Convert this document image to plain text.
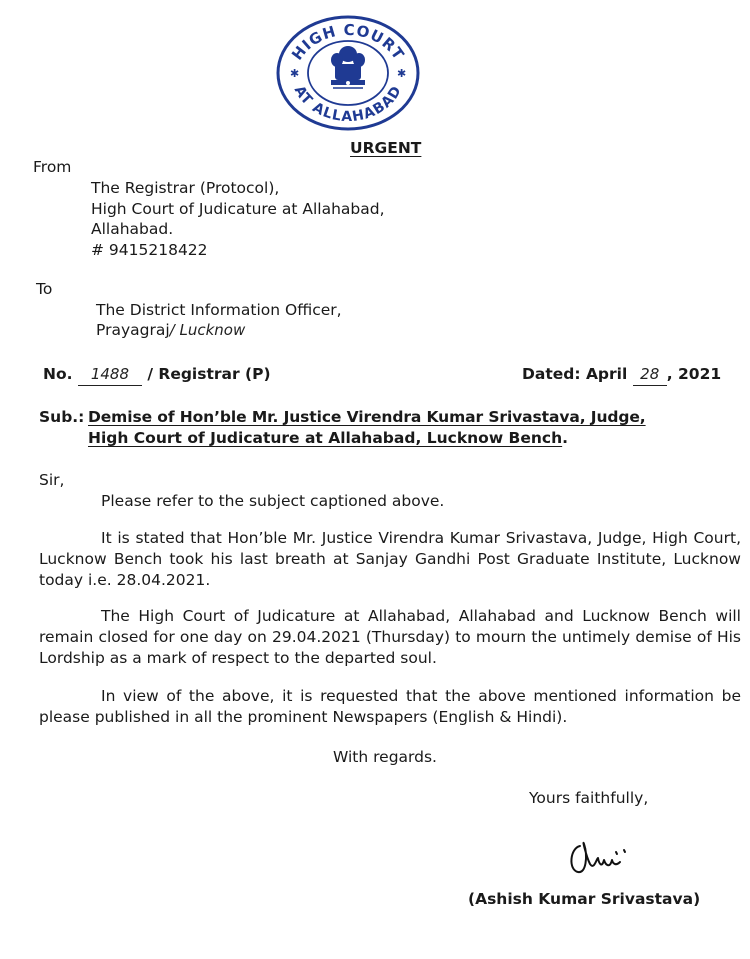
HIGH COURT
AT ALLAHABAD
✱	✱
URGENT
From
The Registrar (Protocol),
High Court of Judicature at Allahabad,
Allahabad.
# 9415218422
To
The District Information Officer,
Prayagraj/ Lucknow
No. 1488 / Registrar (P)	Dated: April 28 , 2021
Sub.: Demise of Hon’ble Mr. Justice Virendra Kumar Srivastava, Judge,
High Court of Judicature at Allahabad, Lucknow Bench.
Sir,
Please refer to the subject captioned above.
It is stated that Hon’ble Mr. Justice Virendra Kumar Srivastava, Judge, High Court, Lucknow Bench took his last breath at Sanjay Gandhi Post Graduate Institute, Lucknow today i.e. 28.04.2021.
The High Court of Judicature at Allahabad, Allahabad and Lucknow Bench will remain closed for one day on 29.04.2021 (Thursday) to mourn the untimely demise of His Lordship as a mark of respect to the departed soul.
In view of the above, it is requested that the above mentioned information be please published in all the prominent Newspapers (English & Hindi).
With regards.
Yours faithfully,
(Ashish Kumar Srivastava)
